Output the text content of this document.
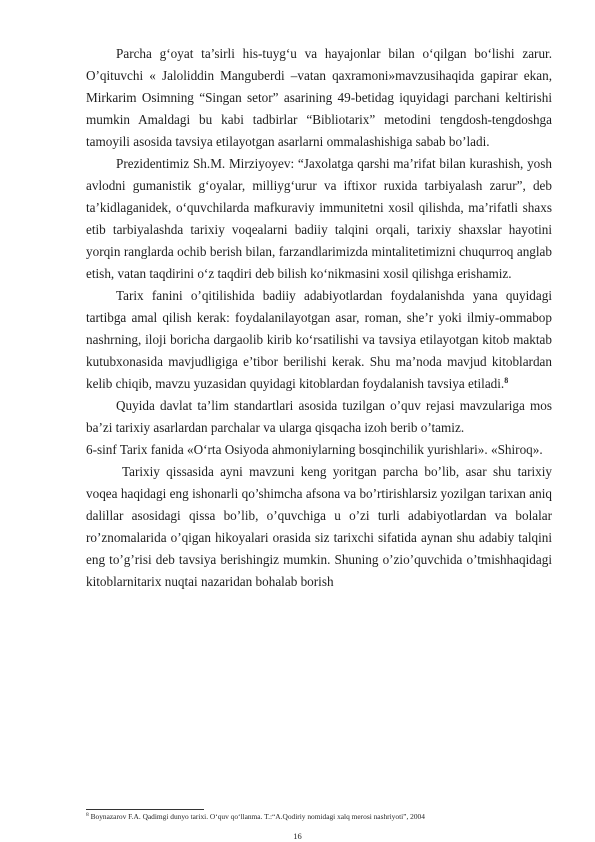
Parcha g‘oyat ta’sirli his-tuyg‘u va hayajonlar bilan o‘qilgan bo‘lishi zarur. O’qituvchi « Jaloliddin Manguberdi –vatan qaxramoni»mavzusihaqida gapirar ekan, Mirkarim Osimning “Singan setor” asarining 49-betidag iquyidagi parchani keltirishi mumkin Amaldagi bu kabi tadbirlar “Bibliotarix” metodini tengdosh-tengdoshga tamoyili asosida tavsiya etilayotgan asarlarni ommalashishiga sabab bo’ladi.

Prezidentimiz Sh.M. Mirziyoyev: “Jaxolatga qarshi ma’rifat bilan kurashish, yosh avlodni gumanistik g‘oyalar, milliyg‘urur va iftixor ruxida tarbiyalash zarur”, deb ta’kidlaganidek, o‘quvchilarda mafkuraviy immunitetni xosil qilishda, ma’rifatli shaxs etib tarbiyalashda tarixiy voqealarni badiiy talqini orqali, tarixiy shaxslar hayotini yorqin ranglarda ochib berish bilan, farzandlarimizda mintalitetimizni chuqurroq anglab etish, vatan taqdirini o‘z taqdiri deb bilish ko‘nikmasini xosil qilishga erishamiz.

Tarix fanini o’qitilishida badiiy adabiyotlardan foydalanishda yana quyidagi tartibga amal qilish kerak: foydalanilayotgan asar, roman, she’r yoki ilmiy-ommabop nashrning, iloji boricha dargaolib kirib ko‘rsatilishi va tavsiya etilayotgan kitob maktab kutubxonasida mavjudligiga e’tibor berilishi kerak. Shu ma’noda mavjud kitoblardan kelib chiqib, mavzu yuzasidan quyidagi kitoblardan foydalanish tavsiya etiladi.$^8$

Quyida davlat ta’lim standartlari asosida tuzilgan o’quv rejasi mavzulariga mos ba’zi tarixiy asarlardan parchalar va ularga qisqacha izoh berib o’tamiz.

6-sinf Tarix fanida «O‘rta Osiyoda ahmoniylarning bosqinchilik yurishlari». «Shiroq».

Tarixiy qissasida ayni mavzuni keng yoritgan parcha bo’lib, asar shu tarixiy voqea haqidagi eng ishonarli qo’shimcha afsona va bo’rtirishlarsiz yozilgan tarixan aniq dalillar asosidagi qissa bo’lib, o’quvchiga u o’zi turli adabiyotlardan va bolalar ro’znomalarida o’qigan hikoyalari orasida siz tarixchi sifatida aynan shu adabiy talqini eng to’g’risi deb tavsiya berishingiz mumkin. Shuning o’zio’quvchida o’tmishhaqidagi kitoblarnitarix nuqtai nazaridan bohalab borish

$^8$ Boynazarov F.A. Qadimgi dunyo tarixi. O‘quv qo‘llanma. T.:“A.Qodiriy nomidagi xalq merosi nashriyoti”, 2004
16
